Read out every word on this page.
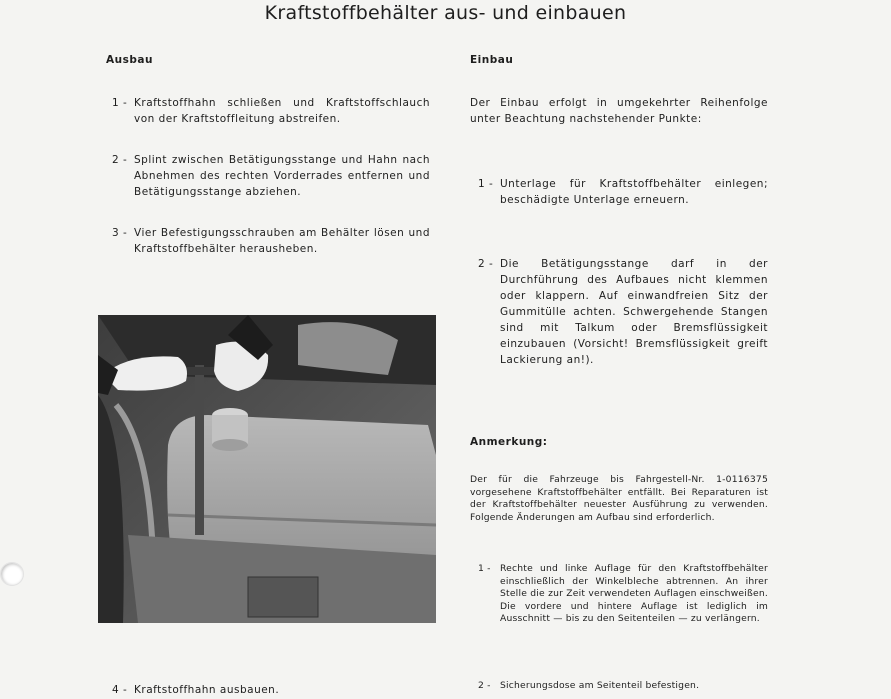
Kraftstoffbehälter aus- und einbauen
Ausbau
1 - Kraftstoffhahn schließen und Kraftstoffschlauch von der Kraftstoffleitung abstreifen.
2 - Splint zwischen Betätigungsstange und Hahn nach Abnehmen des rechten Vorderrades entfernen und Betätigungsstange abziehen.
3 - Vier Befestigungsschrauben am Behälter lösen und Kraftstoffbehälter herausheben.
4 - Kraftstoffhahn ausbauen.
Einbau
Der Einbau erfolgt in umgekehrter Reihenfolge unter Beachtung nachstehender Punkte:
1 - Unterlage für Kraftstoffbehälter einlegen; beschädigte Unterlage erneuern.
2 - Die Betätigungsstange darf in der Durchführung des Aufbaues nicht klemmen oder klappern. Auf einwandfreien Sitz der Gummitülle achten. Schwergehende Stangen sind mit Talkum oder Bremsflüssigkeit einzubauen (Vorsicht! Bremsflüssigkeit greift Lackierung an!).
Anmerkung:
Der für die Fahrzeuge bis Fahrgestell-Nr. 1-0116375 vorgesehene Kraftstoffbehälter entfällt. Bei Reparaturen ist der Kraftstoffbehälter neuester Ausführung zu verwenden. Folgende Änderungen am Aufbau sind erforderlich.
1 -	Rechte und linke Auflage für den Kraftstoffbehälter einschließlich der Winkelbleche abtrennen. An ihrer Stelle die zur Zeit verwendeten Auflagen einschweißen. Die vordere und hintere Auflage ist lediglich im Ausschnitt — bis zu den Seitenteilen — zu verlängern.
2 -	Sicherungsdose am Seitenteil befestigen.
